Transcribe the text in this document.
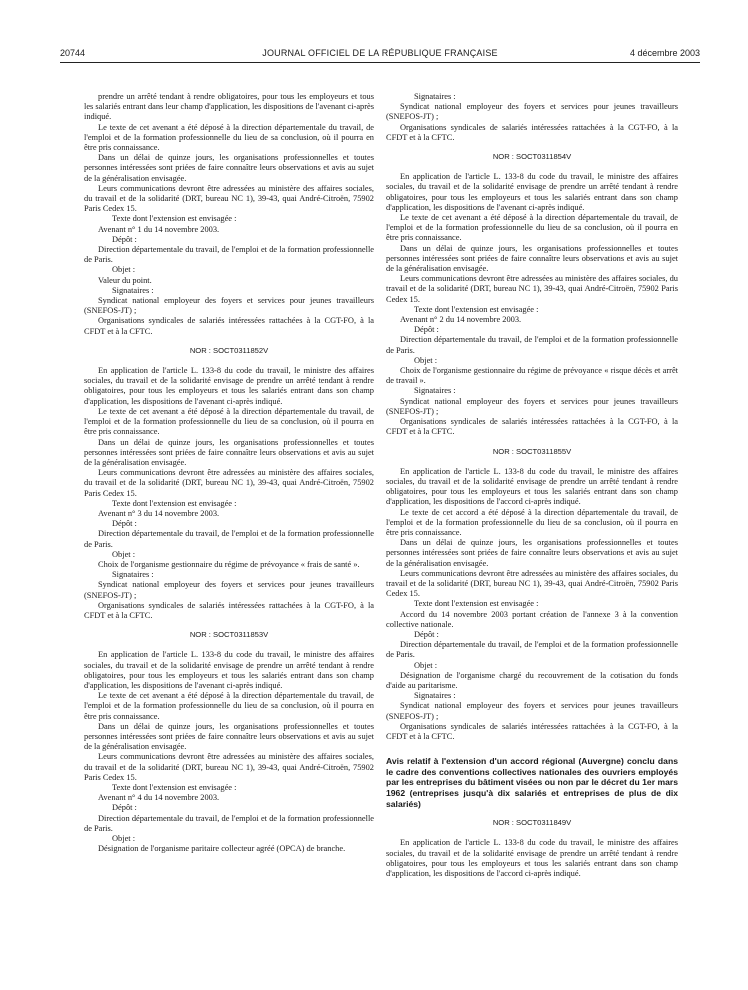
20744	JOURNAL OFFICIEL DE LA RÉPUBLIQUE FRANÇAISE	4 décembre 2003

prendre un arrêté tendant à rendre obligatoires, pour tous les employeurs et tous les salariés entrant dans leur champ d'application, les dispositions de l'avenant ci-après indiqué.

Le texte de cet avenant a été déposé à la direction départementale du travail, de l'emploi et de la formation professionnelle du lieu de sa conclusion, où il pourra en être pris connaissance.

Dans un délai de quinze jours, les organisations professionnelles et toutes personnes intéressées sont priées de faire connaître leurs observations et avis au sujet de la généralisation envisagée.

Leurs communications devront être adressées au ministère des affaires sociales, du travail et de la solidarité (DRT, bureau NC 1), 39-43, quai André-Citroën, 75902 Paris Cedex 15.

Texte dont l'extension est envisagée :

Avenant n° 1 du 14 novembre 2003.

Dépôt :

Direction départementale du travail, de l'emploi et de la formation professionnelle de Paris.

Objet :

Valeur du point.

Signataires :

Syndicat national employeur des foyers et services pour jeunes travailleurs (SNEFOS-JT) ;

Organisations syndicales de salariés intéressées rattachées à la CGT-FO, à la CFDT et à la CFTC.

NOR : SOCT0311852V

En application de l'article L. 133-8 du code du travail, le ministre des affaires sociales, du travail et de la solidarité envisage de prendre un arrêté tendant à rendre obligatoires, pour tous les employeurs et tous les salariés entrant dans son champ d'application, les dispositions de l'avenant ci-après indiqué.

Le texte de cet avenant a été déposé à la direction départementale du travail, de l'emploi et de la formation professionnelle du lieu de sa conclusion, où il pourra en être pris connaissance.

Dans un délai de quinze jours, les organisations professionnelles et toutes personnes intéressées sont priées de faire connaître leurs observations et avis au sujet de la généralisation envisagée.

Leurs communications devront être adressées au ministère des affaires sociales, du travail et de la solidarité (DRT, bureau NC 1), 39-43, quai André-Citroën, 75902 Paris Cedex 15.

Texte dont l'extension est envisagée :

Avenant n° 3 du 14 novembre 2003.

Dépôt :

Direction départementale du travail, de l'emploi et de la formation professionnelle de Paris.

Objet :

Choix de l'organisme gestionnaire du régime de prévoyance « frais de santé ».

Signataires :

Syndicat national employeur des foyers et services pour jeunes travailleurs (SNEFOS-JT) ;

Organisations syndicales de salariés intéressées rattachées à la CGT-FO, à la CFDT et à la CFTC.

NOR : SOCT0311853V

En application de l'article L. 133-8 du code du travail, le ministre des affaires sociales, du travail et de la solidarité envisage de prendre un arrêté tendant à rendre obligatoires, pour tous les employeurs et tous les salariés entrant dans son champ d'application, les dispositions de l'avenant ci-après indiqué.

Le texte de cet avenant a été déposé à la direction départementale du travail, de l'emploi et de la formation professionnelle du lieu de sa conclusion, où il pourra en être pris connaissance.

Dans un délai de quinze jours, les organisations professionnelles et toutes personnes intéressées sont priées de faire connaître leurs observations et avis au sujet de la généralisation envisagée.

Leurs communications devront être adressées au ministère des affaires sociales, du travail et de la solidarité (DRT, bureau NC 1), 39-43, quai André-Citroën, 75902 Paris Cedex 15.

Texte dont l'extension est envisagée :

Avenant n° 4 du 14 novembre 2003.

Dépôt :

Direction départementale du travail, de l'emploi et de la formation professionnelle de Paris.

Objet :

Désignation de l'organisme paritaire collecteur agréé (OPCA) de branche.

Signataires :

Syndicat national employeur des foyers et services pour jeunes travailleurs (SNEFOS-JT) ;

Organisations syndicales de salariés intéressées rattachées à la CGT-FO, à la CFDT et à la CFTC.

NOR : SOCT0311854V

En application de l'article L. 133-8 du code du travail, le ministre des affaires sociales, du travail et de la solidarité envisage de prendre un arrêté tendant à rendre obligatoires, pour tous les employeurs et tous les salariés entrant dans son champ d'application, les dispositions de l'avenant ci-après indiqué.

Le texte de cet avenant a été déposé à la direction départementale du travail, de l'emploi et de la formation professionnelle du lieu de sa conclusion, où il pourra en être pris connaissance.

Dans un délai de quinze jours, les organisations professionnelles et toutes personnes intéressées sont priées de faire connaître leurs observations et avis au sujet de la généralisation envisagée.

Leurs communications devront être adressées au ministère des affaires sociales, du travail et de la solidarité (DRT, bureau NC 1), 39-43, quai André-Citroën, 75902 Paris Cedex 15.

Texte dont l'extension est envisagée :

Avenant n° 2 du 14 novembre 2003.

Dépôt :

Direction départementale du travail, de l'emploi et de la formation professionnelle de Paris.

Objet :

Choix de l'organisme gestionnaire du régime de prévoyance « risque décès et arrêt de travail ».

Signataires :

Syndicat national employeur des foyers et services pour jeunes travailleurs (SNEFOS-JT) ;

Organisations syndicales de salariés intéressées rattachées à la CGT-FO, à la CFDT et à la CFTC.

NOR : SOCT0311855V

En application de l'article L. 133-8 du code du travail, le ministre des affaires sociales, du travail et de la solidarité envisage de prendre un arrêté tendant à rendre obligatoires, pour tous les employeurs et tous les salariés entrant dans son champ d'application, les dispositions de l'accord ci-après indiqué.

Le texte de cet accord a été déposé à la direction départementale du travail, de l'emploi et de la formation professionnelle du lieu de sa conclusion, où il pourra en être pris connaissance.

Dans un délai de quinze jours, les organisations professionnelles et toutes personnes intéressées sont priées de faire connaître leurs observations et avis au sujet de la généralisation envisagée.

Leurs communications devront être adressées au ministère des affaires sociales, du travail et de la solidarité (DRT, bureau NC 1), 39-43, quai André-Citroën, 75902 Paris Cedex 15.

Texte dont l'extension est envisagée :

Accord du 14 novembre 2003 portant création de l'annexe 3 à la convention collective nationale.

Dépôt :

Direction départementale du travail, de l'emploi et de la formation professionnelle de Paris.

Objet :

Désignation de l'organisme chargé du recouvrement de la cotisation du fonds d'aide au paritarisme.

Signataires :

Syndicat national employeur des foyers et services pour jeunes travailleurs (SNEFOS-JT) ;

Organisations syndicales de salariés intéressées rattachées à la CGT-FO, à la CFDT et à la CFTC.

Avis relatif à l'extension d'un accord régional (Auvergne) conclu dans le cadre des conventions collectives nationales des ouvriers employés par les entreprises du bâtiment visées ou non par le décret du 1er mars 1962 (entreprises jusqu'à dix salariés et entreprises de plus de dix salariés)
NOR : SOCT0311849V

En application de l'article L. 133-8 du code du travail, le ministre des affaires sociales, du travail et de la solidarité envisage de prendre un arrêté tendant à rendre obligatoires, pour tous les employeurs et tous les salariés entrant dans son champ d'application, les dispositions de l'accord ci-après indiqué.
